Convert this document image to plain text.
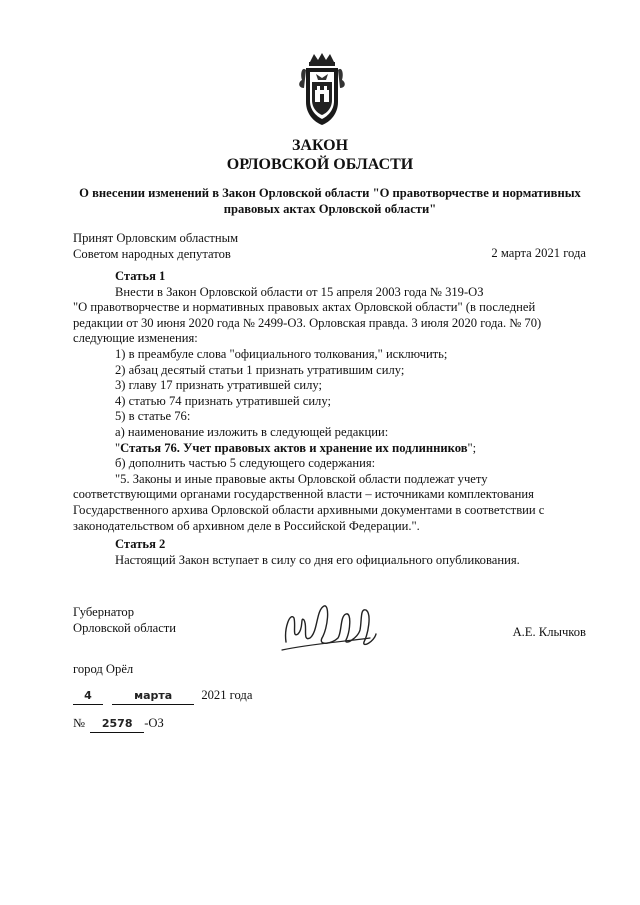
ЗАКОН
ОРЛОВСКОЙ ОБЛАСТИ
О внесении изменений в Закон Орловской области "О правотворчестве и нормативных
правовых актах Орловской области"
Принят Орловским областным
Советом народных депутатов	2 марта 2021 года
Статья 1
Внести в Закон Орловской области от 15 апреля 2003 года № 319-ОЗ
"О правотворчестве и нормативных правовых актах Орловской области" (в последней
редакции от 30 июня 2020 года № 2499-ОЗ. Орловская правда. 3 июля 2020 года. № 70)
следующие изменения:
1) в преамбуле слова "официального толкования," исключить;
2) абзац десятый статьи 1 признать утратившим силу;
3) главу 17 признать утратившей силу;
4) статью 74 признать утратившей силу;
5) в статье 76:
а) наименование изложить в следующей редакции:
"Статья 76. Учет правовых актов и хранение их подлинников";
б) дополнить частью 5 следующего содержания:
"5. Законы и иные правовые акты Орловской области подлежат учету
соответствующими органами государственной власти – источниками комплектования
Государственного архива Орловской области архивными документами в соответствии с
законодательством об архивном деле в Российской Федерации.".
Статья 2
Настоящий Закон вступает в силу со дня его официального опубликования.
Губернатор
Орловской области	А.Е. Клычков
город Орёл
4	марта 2021 года
№ 2578 -ОЗ
